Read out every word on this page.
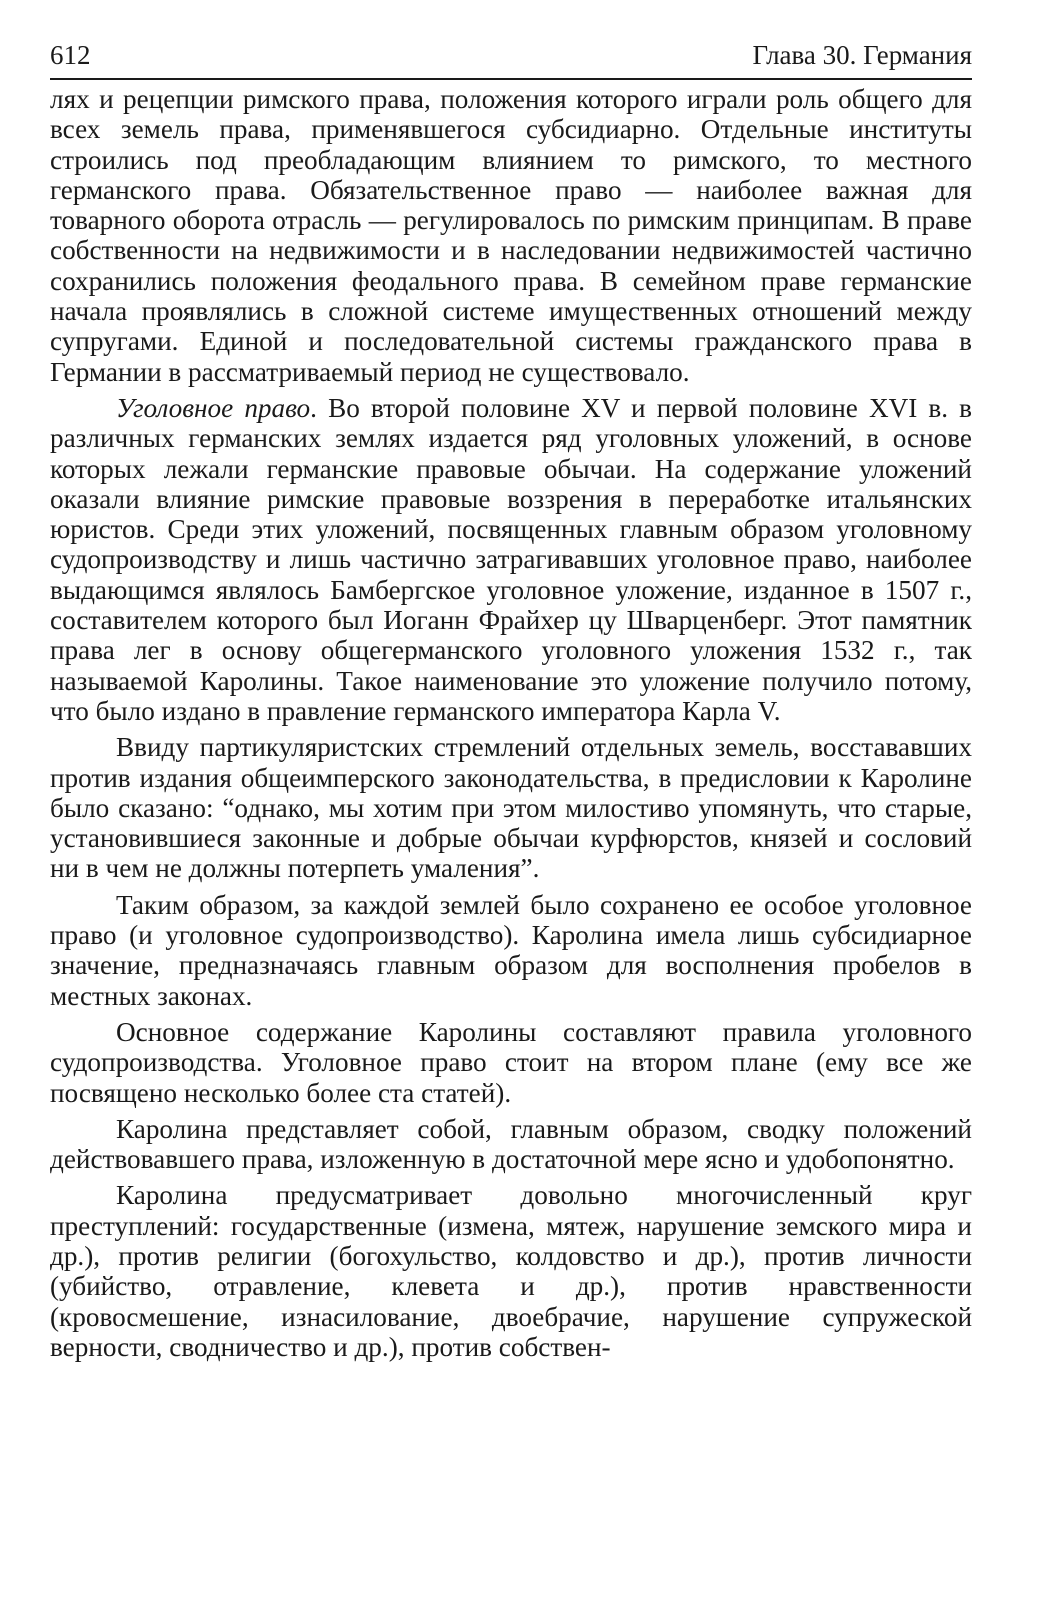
612	Глава 30. Германия

лях и рецепции римского права, положения которого играли роль общего для всех земель права, применявшегося субсидиарно. Отдельные институты строились под преобладающим влиянием то римского, то местного германского права. Обязательственное право — наиболее важная для товарного оборота отрасль — регулировалось по римским принципам. В праве собственности на недвижимости и в наследовании недвижимостей частично сохранились положения феодального права. В семейном праве германские начала проявлялись в сложной системе имущественных отношений между супругами. Единой и последовательной системы гражданского права в Германии в рассматриваемый период не существовало.

Уголовное право. Во второй половине XV и первой половине XVI в. в различных германских землях издается ряд уголовных уложений, в основе которых лежали германские правовые обычаи. На содержание уложений оказали влияние римские правовые воззрения в переработке итальянских юристов. Среди этих уложений, посвященных главным образом уголовному судопроизводству и лишь частично затрагивавших уголовное право, наиболее выдающимся являлось Бамбергское уголовное уложение, изданное в 1507 г., составителем которого был Иоганн Фрайхер цу Шварценберг. Этот памятник права лег в основу общегерманского уголовного уложения 1532 г., так называемой Каролины. Такое наименование это уложение получило потому, что было издано в правление германского императора Карла V.

Ввиду партикуляристских стремлений отдельных земель, восстававших против издания общеимперского законодательства, в предисловии к Каролине было сказано: “однако, мы хотим при этом милостиво упомянуть, что старые, установившиеся законные и добрые обычаи курфюрстов, князей и сословий ни в чем не должны потерпеть умаления”.

Таким образом, за каждой землей было сохранено ее особое уголовное право (и уголовное судопроизводство). Каролина имела лишь субсидиарное значение, предназначаясь главным образом для восполнения пробелов в местных законах.

Основное содержание Каролины составляют правила уголовного судопроизводства. Уголовное право стоит на втором плане (ему все же посвящено несколько более ста статей).

Каролина представляет собой, главным образом, сводку положений действовавшего права, изложенную в достаточной мере ясно и удобопонятно.

Каролина предусматривает довольно многочисленный круг преступлений: государственные (измена, мятеж, нарушение земского мира и др.), против религии (богохульство, колдовство и др.), против личности (убийство, отравление, клевета и др.), против нравственности (кровосмешение, изнасилование, двоебрачие, нарушение супружеской верности, сводничество и др.), против собствен-
